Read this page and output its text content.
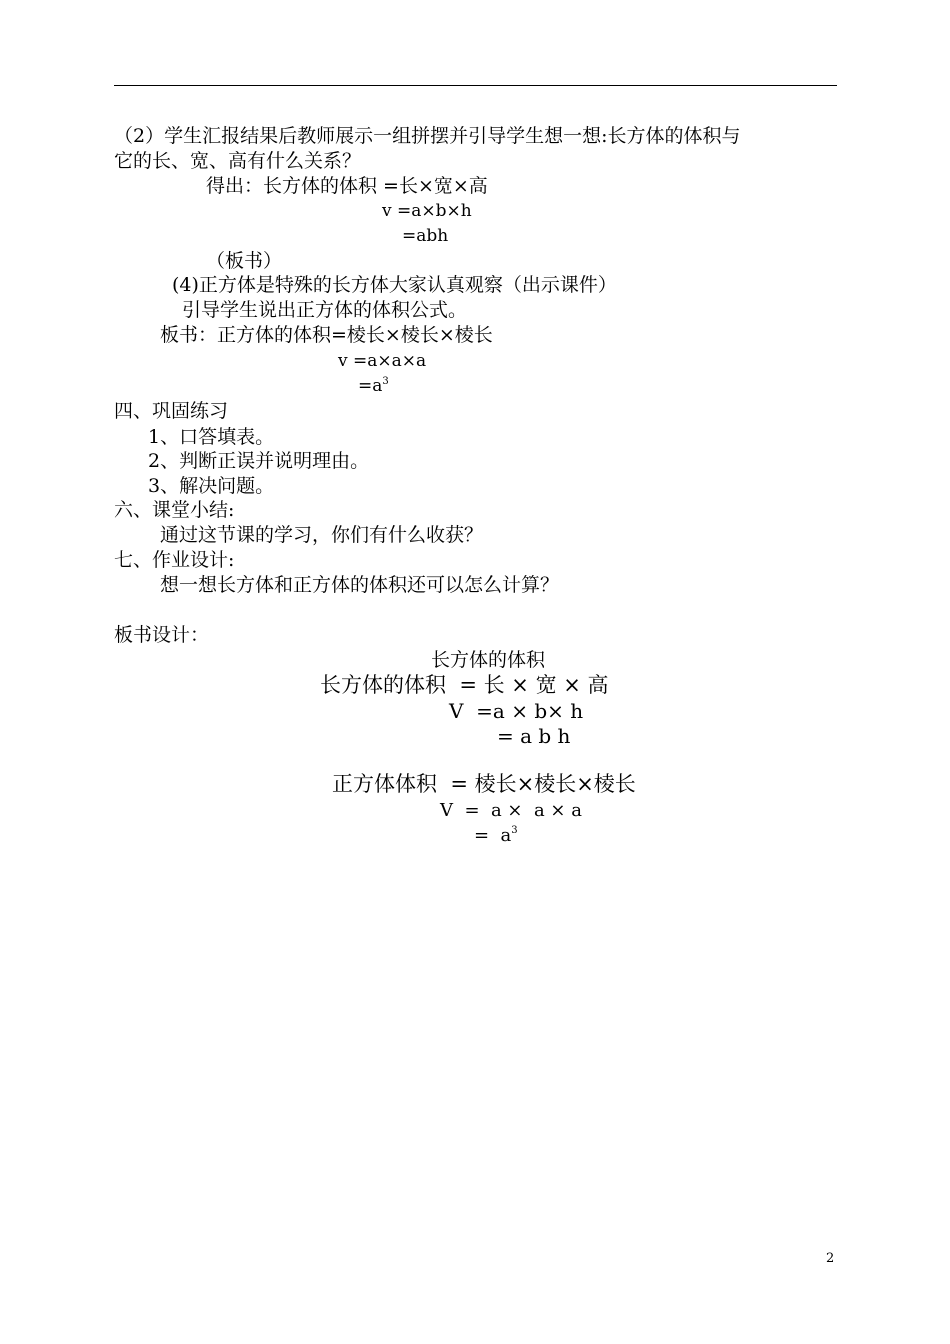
（2）学生汇报结果后教师展示一组拼摆并引导学生想一想:长方体的体积与
它的长、宽、高有什么关系？
得出：长方体的体积 =长×宽×高
v =a×b×h
=abh
（板书）
(4)正方体是特殊的长方体大家认真观察（出示课件）
引导学生说出正方体的体积公式。
板书：正方体的体积=棱长×棱长×棱长
v =a×a×a
$=a^3$
四、巩固练习
1、口答填表。
2、判断正误并说明理由。
3、解决问题。
六、课堂小结:
通过这节课的学习，你们有什么收获？
七、作业设计:
想一想长方体和正方体的体积还可以怎么计算？
板书设计：
长方体的体积
长方体的体积  = 长 × 宽 × 高
V  =a × b× h
= a b h
正方体体积  = 棱长×棱长×棱长
V  =  a ×  a × a
=  $a^3$
2
